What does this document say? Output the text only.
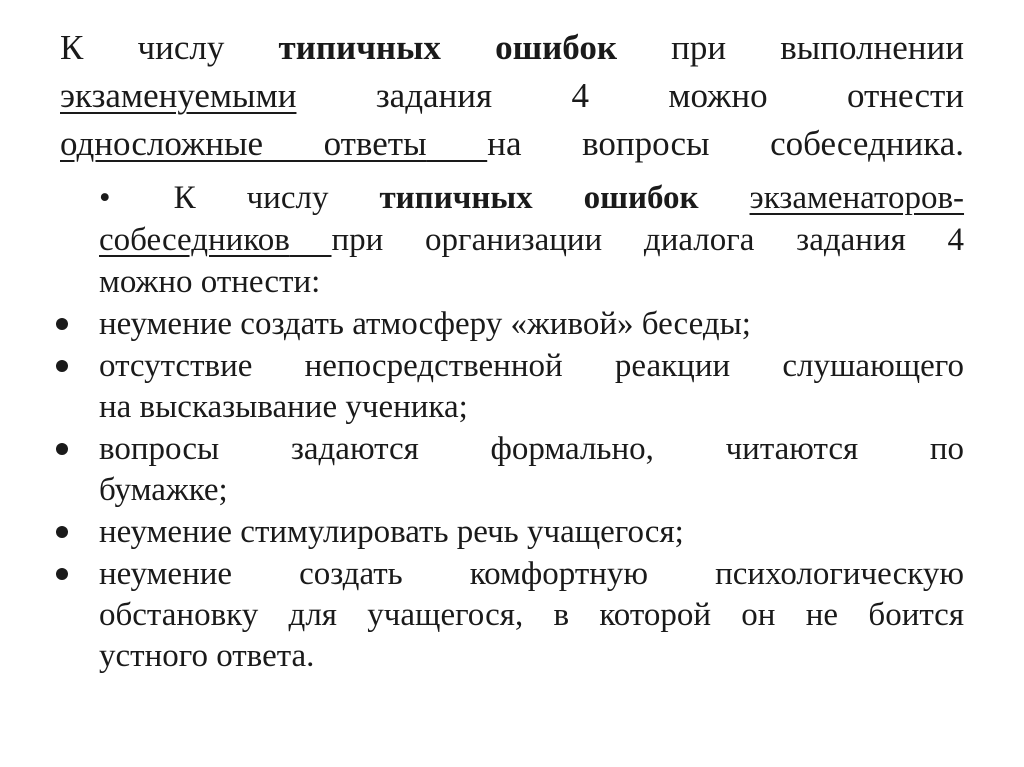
К числу типичных ошибок при выполнении
экзаменуемыми задания 4 можно отнести
односложные ответы на вопросы собеседника.
• К числу типичных ошибок экзаменаторов-
собеседников при организации диалога задания 4
можно отнести:
неумение создать атмосферу «живой» беседы;
отсутствие непосредственной реакции слушающего
на высказывание ученика;
вопросы задаются формально, читаются по
бумажке;
неумение стимулировать речь учащегося;
неумение создать комфортную психологическую
обстановку для учащегося, в которой он не боится
устного ответа.
